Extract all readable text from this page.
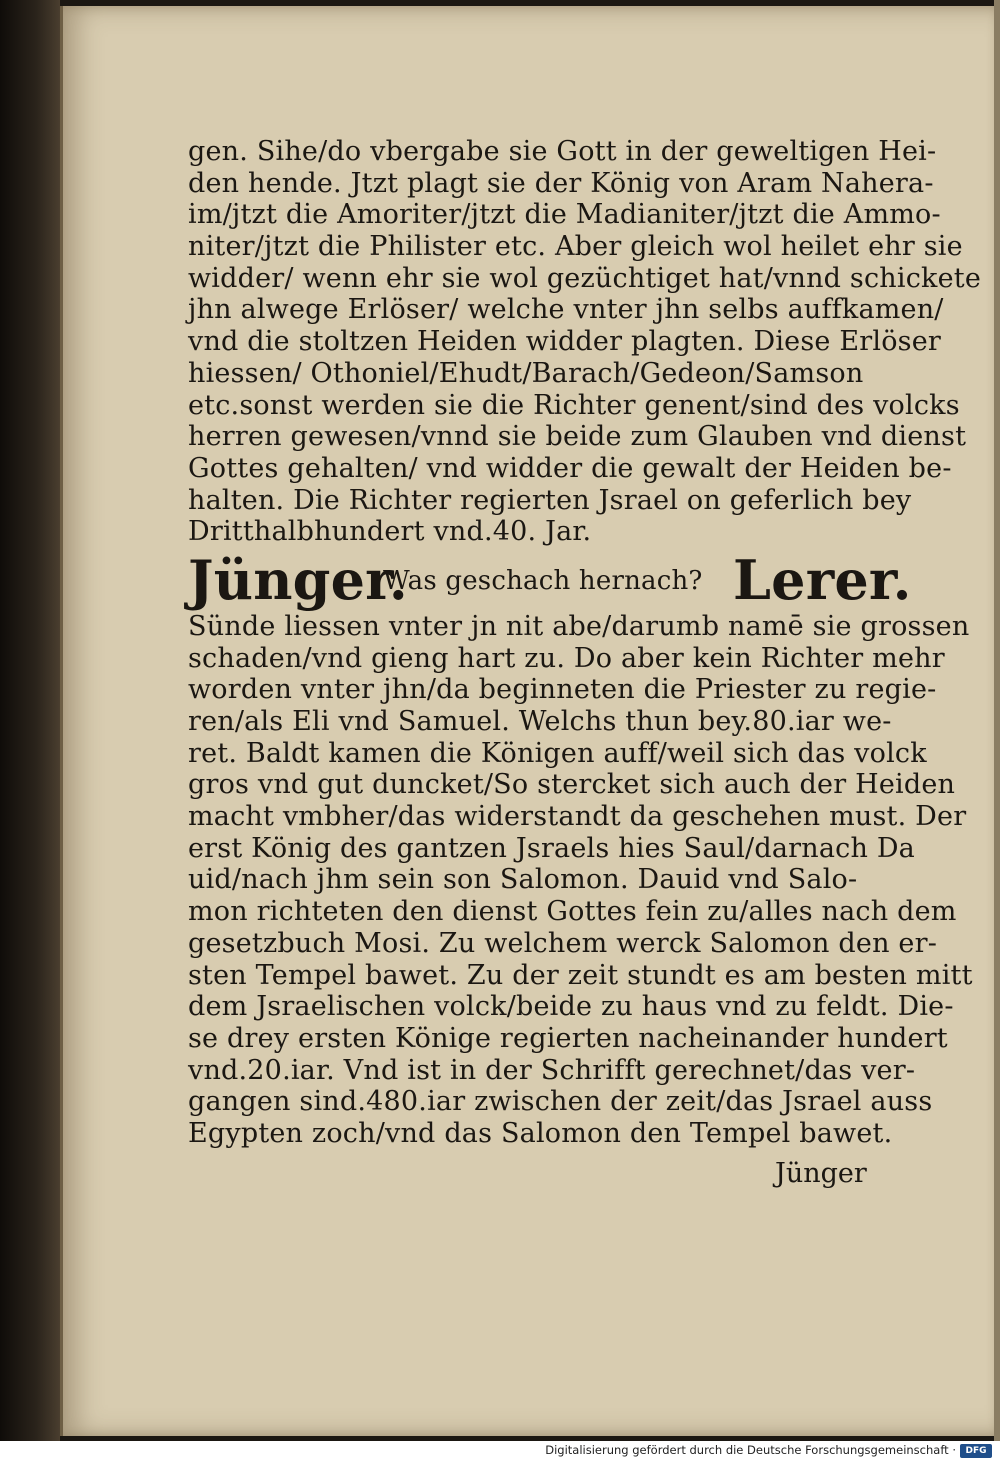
gen. Sihe/do vbergabe sie Gott in der geweltigen Hei-
den hende. Jtzt plagt sie der König von Aram Nahera-
im/jtzt die Amoriter/jtzt die Madianiter/jtzt die Ammo-
niter/jtzt die Philister etc. Aber gleich wol heilet ehr sie
widder/ wenn ehr sie wol gezüchtiget hat/vnnd schickete
jhn alwege Erlöser/ welche vnter jhn selbs auffkamen/
vnd die stoltzen Heiden widder plagten. Diese Erlöser
hiessen/ Othoniel/Ehudt/Barach/Gedeon/Samson
etc.sonst werden sie die Richter genent/sind des volcks
herren gewesen/vnnd sie beide zum Glauben vnd dienst
Gottes gehalten/ vnd widder die gewalt der Heiden be-
halten. Die Richter regierten Jsrael on geferlich bey
Dritthalbhundert vnd.40. Jar.
Jünger.
Was geschach hernach? Lerer.
Sünde liessen vnter jn nit abe/darumb namē sie grossen
schaden/vnd gieng hart zu. Do aber kein Richter mehr
worden vnter jhn/da beginneten die Priester zu regie-
ren/als Eli vnd Samuel. Welchs thun bey.80.iar we-
ret. Baldt kamen die Königen auff/weil sich das volck
gros vnd gut duncket/So stercket sich auch der Heiden
macht vmbher/das widerstandt da geschehen must. Der
erst König des gantzen Jsraels hies Saul/darnach Da
uid/nach jhm sein son Salomon. Dauid vnd Salo-
mon richteten den dienst Gottes fein zu/alles nach dem
gesetzbuch Mosi. Zu welchem werck Salomon den er-
sten Tempel bawet. Zu der zeit stundt es am besten mitt
dem Jsraelischen volck/beide zu haus vnd zu feldt. Die-
se drey ersten Könige regierten nacheinander hundert
vnd.20.iar. Vnd ist in der Schrifft gerechnet/das ver-
gangen sind.480.iar zwischen der zeit/das Jsrael auss
Egypten zoch/vnd das Salomon den Tempel bawet.
Jünger
Digitalisierung gefördert durch die Deutsche Forschungsgemeinschaft ·	DFG
